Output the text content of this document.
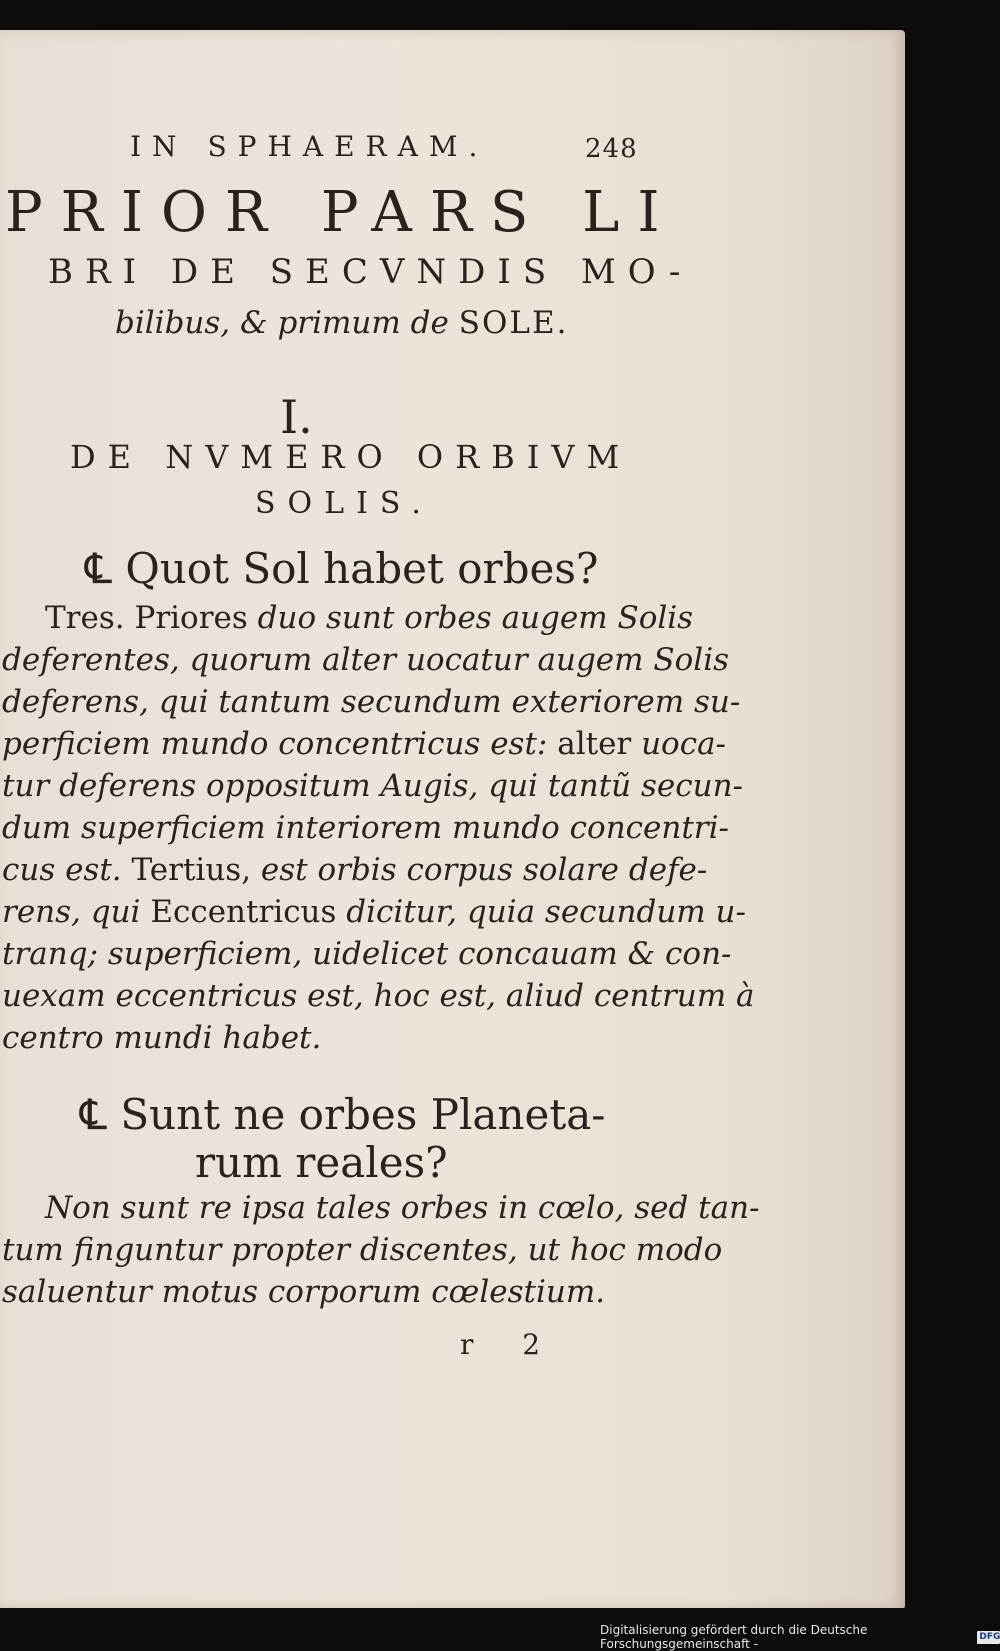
IN SPHAERAM.	248
PRIOR PARS LI
BRI DE SECVNDIS MO-
bilibus, & primum de SOLE.
I.
DE NVMERO ORBIVM
SOLIS.
℄ Quot Sol habet orbes?
Tres. Priores duo sunt orbes augem Solis
deferentes, quorum alter uocatur augem Solis
deferens, qui tantum secundum exteriorem su-
perficiem mundo concentricus est: alter uoca-
tur deferens oppositum Augis, qui tantũ secun-
dum superficiem interiorem mundo concentri-
cus est. Tertius, est orbis corpus solare defe-
rens, qui Eccentricus dicitur, quia secundum u-
tranq; superficiem, uidelicet concauam & con-
uexam eccentricus est, hoc est, aliud centrum à
centro mundi habet.
℄ Sunt ne orbes Planeta-
rum reales?
Non sunt re ipsa tales orbes in cœlo, sed tan-
tum finguntur propter discentes, ut hoc modo
saluentur motus corporum cœlestium.
r 2
Digitalisierung gefördert durch die Deutsche Forschungsgemeinschaft -
DFG
